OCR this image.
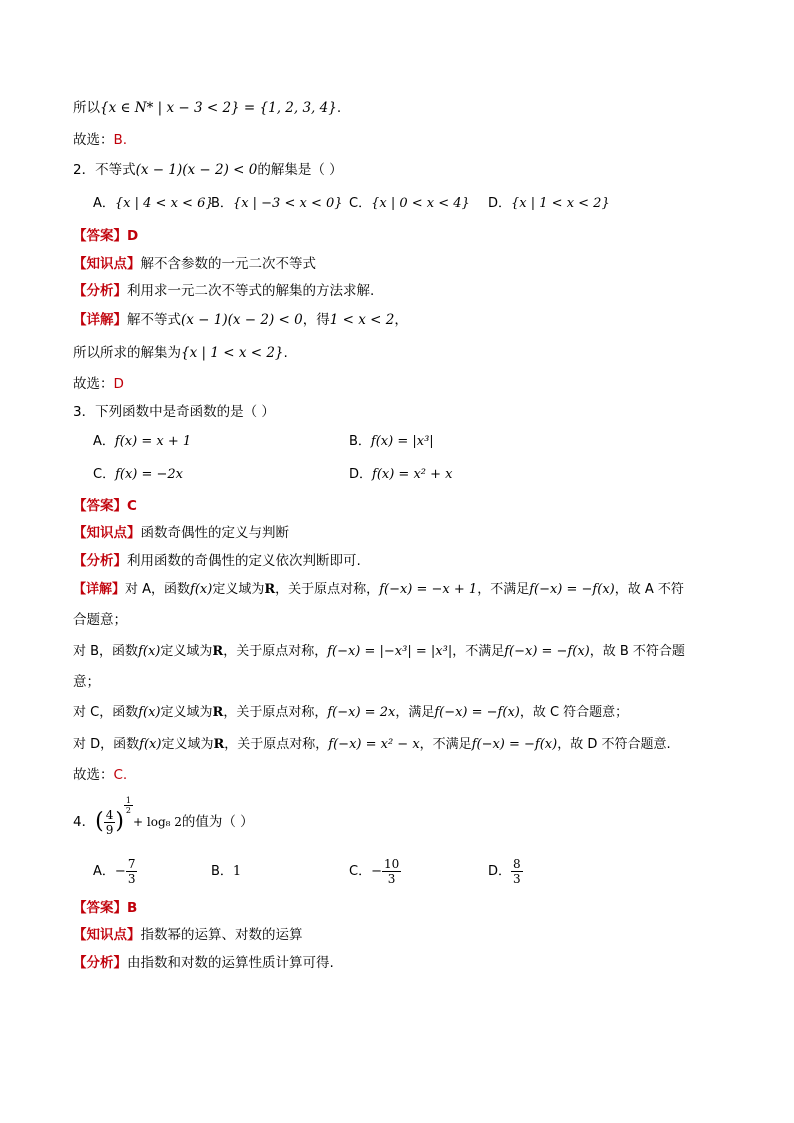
所以{x ∈ N* | x − 3 < 2} = {1, 2, 3, 4}.
故选：B.
2．不等式(x − 1)(x − 2) < 0的解集是（ ）
A．{x | 4 < x < 6}
B．{x | −3 < x < 0} C．{x | 0 < x < 4} D．{x | 1 < x < 2}
【答案】D
【知识点】解不含参数的一元二次不等式
【分析】利用求一元二次不等式的解集的方法求解.
【详解】解不等式(x − 1)(x − 2) < 0，得1 < x < 2，
所以所求的解集为{x | 1 < x < 2}.
故选：D
3．下列函数中是奇函数的是（ ）
A．f(x) = x + 1	B．f(x) = |x³|
C．f(x) = −2x	D．f(x) = x² + x
【答案】C
【知识点】函数奇偶性的定义与判断
【分析】利用函数的奇偶性的定义依次判断即可.
【详解】对 A，函数f(x)定义域为R，关于原点对称，f(−x) = −x + 1，不满足f(−x) = −f(x)，故 A 不符
合题意；
对 B，函数f(x)定义域为R，关于原点对称，f(−x) = |−x³| = |x³|，不满足f(−x) = −f(x)，故 B 不符合题
意；
对 C，函数f(x)定义域为R，关于原点对称，f(−x) = 2x，满足f(−x) = −f(x)，故 C 符合题意；
对 D，函数f(x)定义域为R，关于原点对称，f(−x) = x² − x，不满足f(−x) = −f(x)，故 D 不符合题意.
故选：C.
4．( $\frac{4}{9}$ )
$\frac{1}{2}$
+ log₈ 2的值为（ ）
A．− $\frac{7}{3}$	B．1	C．− $\frac{10}{3}$	D． $\frac{8}{3}$
【答案】B
【知识点】指数幂的运算、对数的运算
【分析】由指数和对数的运算性质计算可得.
